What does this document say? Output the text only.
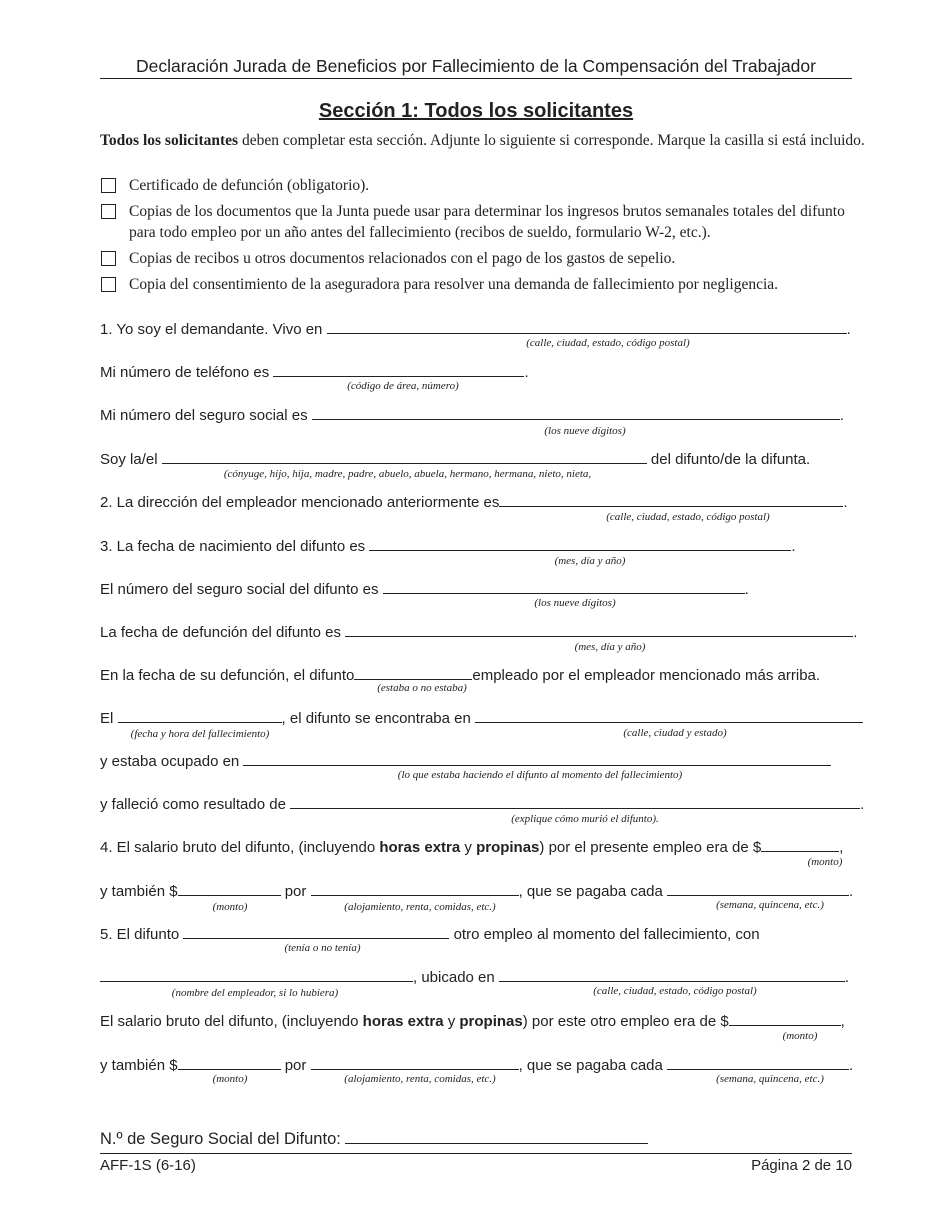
Declaración Jurada de Beneficios por Fallecimiento de la Compensación del Trabajador
Sección 1: Todos los solicitantes
Todos los solicitantes deben completar esta sección. Adjunte lo siguiente si corresponde. Marque la casilla si está incluido.
Certificado de defunción (obligatorio).
Copias de los documentos que la Junta puede usar para determinar los ingresos brutos semanales totales del difunto para todo empleo por un año antes del fallecimiento (recibos de sueldo, formulario W-2, etc.).
Copias de recibos u otros documentos relacionados con el pago de los gastos de sepelio.
Copia del consentimiento de la aseguradora para resolver una demanda de fallecimiento por negligencia.
1. Yo soy el demandante. Vivo en	.
(calle, ciudad, estado, código postal)
Mi número de teléfono es	.
(código de área, número)
Mi número del seguro social es	.
(los nueve dígitos)
Soy la/el	del difunto/de la difunta.
(cónyuge, hijo, hija, madre, padre, abuelo, abuela, hermano, hermana, nieto, nieta,
2. La dirección del empleador mencionado anteriormente es	.
(calle, ciudad, estado, código postal)
3. La fecha de nacimiento del difunto es	.
(mes, día y año)
El número del seguro social del difunto es	.
(los nueve dígitos)
La fecha de defunción del difunto es	.
(mes, día y año)
En la fecha de su defunción, el difunto	empleado por el empleador mencionado más arriba.
(estaba o no estaba)
El	, el difunto se encontraba en
(fecha y hora del fallecimiento)	(calle, ciudad y estado)
y estaba ocupado en
(lo que estaba haciendo el difunto al momento del fallecimiento)
y falleció como resultado de	.
(explique cómo murió el difunto).
4. El salario bruto del difunto, (incluyendo horas extra y propinas) por el presente empleo era de $	,
(monto)
y también $	por	, que se pagaba cada	.
(monto)	(alojamiento, renta, comidas, etc.)	(semana, quincena, etc.)
5. El difunto	otro empleo al momento del fallecimiento, con
(tenía o no tenía)
, ubicado en	.
(nombre del empleador, si lo hubiera)	(calle, ciudad, estado, código postal)
El salario bruto del difunto, (incluyendo horas extra y propinas) por este otro empleo era de $	,
(monto)
y también $	por	, que se pagaba cada	.
(monto)	(alojamiento, renta, comidas, etc.)	(semana, quincena, etc.)
N.º de Seguro Social del Difunto:
AFF-1S (6-16)	Página 2 de 10
